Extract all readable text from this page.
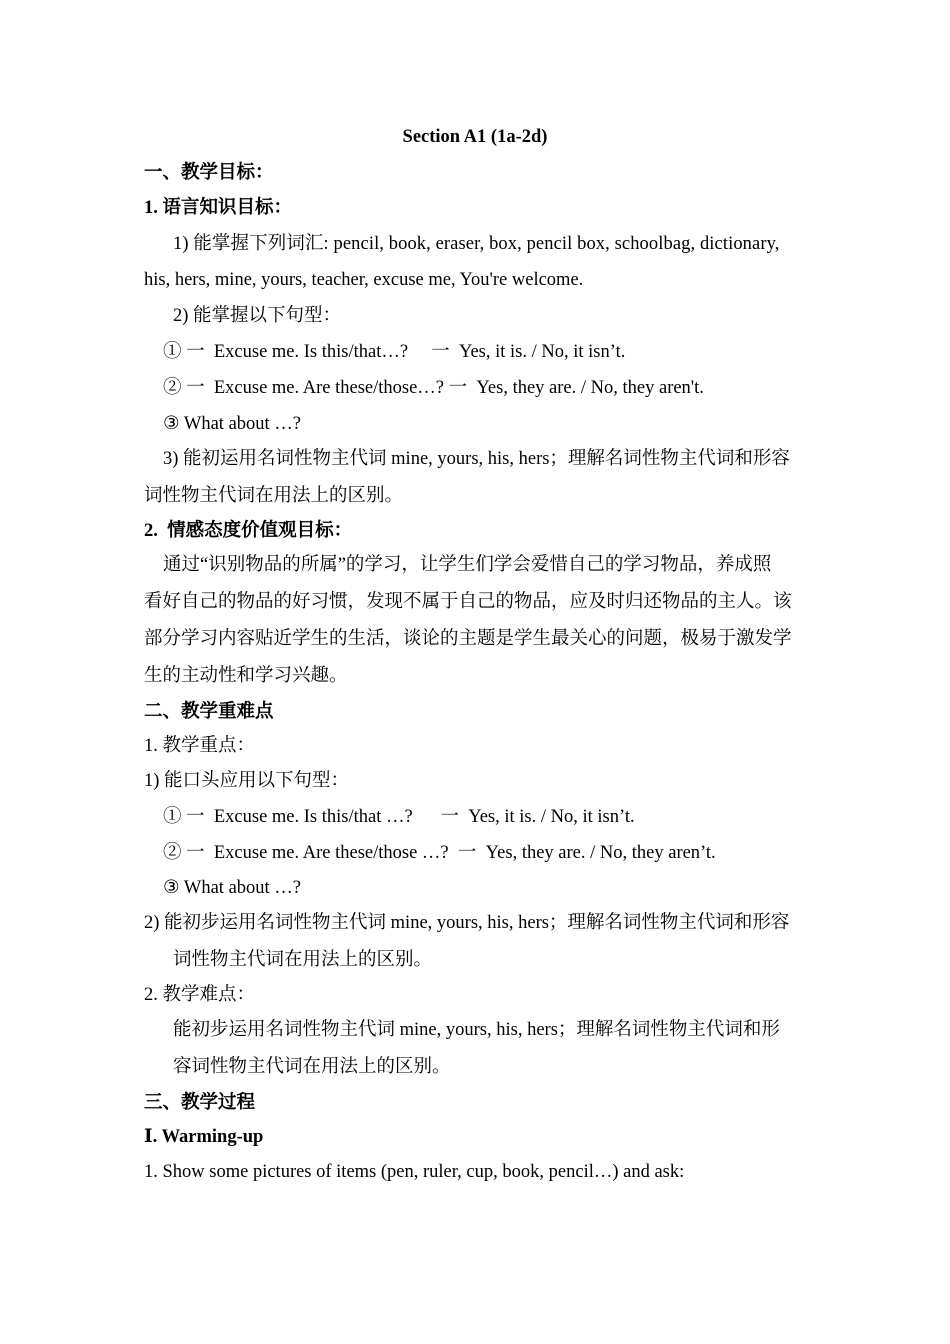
Section A1 (1a-2d)
一、教学目标：
1. 语言知识目标：
1) 能掌握下列词汇: pencil, book, eraser, box, pencil box, schoolbag, dictionary,
his, hers, mine, yours, teacher, excuse me, You're welcome.
2) 能掌握以下句型：
① 一  Excuse me. Is this/that…?     一  Yes, it is. / No, it isn’t.
② 一  Excuse me. Are these/those…? 一  Yes, they are. / No, they aren't.
③ What about …?
3) 能初运用名词性物主代词 mine, yours, his, hers；理解名词性物主代词和形容
词性物主代词在用法上的区别。
2.  情感态度价值观目标：
通过“识别物品的所属”的学习，让学生们学会爱惜自己的学习物品，养成照
看好自己的物品的好习惯，发现不属于自己的物品，应及时归还物品的主人。该
部分学习内容贴近学生的生活，谈论的主题是学生最关心的问题，极易于激发学
生的主动性和学习兴趣。
二、教学重难点
1. 教学重点：
1) 能口头应用以下句型：
① 一  Excuse me. Is this/that …?      一  Yes, it is. / No, it isn’t.
② 一  Excuse me. Are these/those …?  一  Yes, they are. / No, they aren’t.
③ What about …?
2) 能初步运用名词性物主代词 mine, yours, his, hers；理解名词性物主代词和形容
词性物主代词在用法上的区别。
2. 教学难点：
能初步运用名词性物主代词 mine, yours, his, hers；理解名词性物主代词和形
容词性物主代词在用法上的区别。
三、教学过程
Ⅰ. Warming-up
1. Show some pictures of items (pen, ruler, cup, book, pencil…) and ask:
